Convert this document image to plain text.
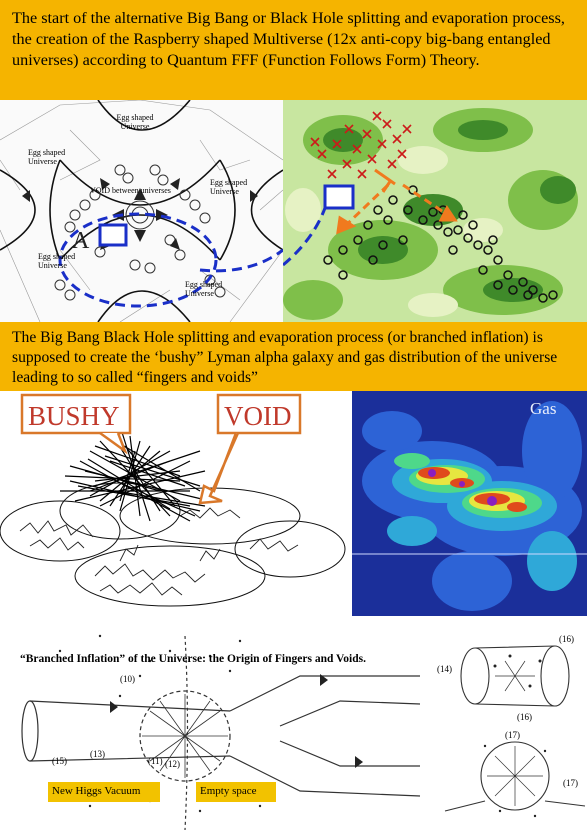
The start of the alternative Big Bang or Black Hole splitting and evaporation process, the creation of the Raspberry shaped Multiverse (12x anti-copy big-bang entangled universes) according to Quantum FFF (Function Follows Form) Theory.
A
Egg shaped Universe
Egg shaped Universe
VOID between universes
Egg shaped Universe
Egg shaped Universe
Egg shaped Universe
The Big Bang Black Hole splitting and evaporation process (or branched inflation) is supposed to create the ‘bushy” Lyman alpha galaxy and gas distribution of the universe leading to so called “fingers and voids”
BUSHY	VOID	Gas
“Branched Inflation” of the Universe: the Origin of Fingers and Voids.
New Higgs Vacuum	Empty space
(10)
(13)
(15)	(11) (12)
(16)
(14)
(16)
(17)
(17)
